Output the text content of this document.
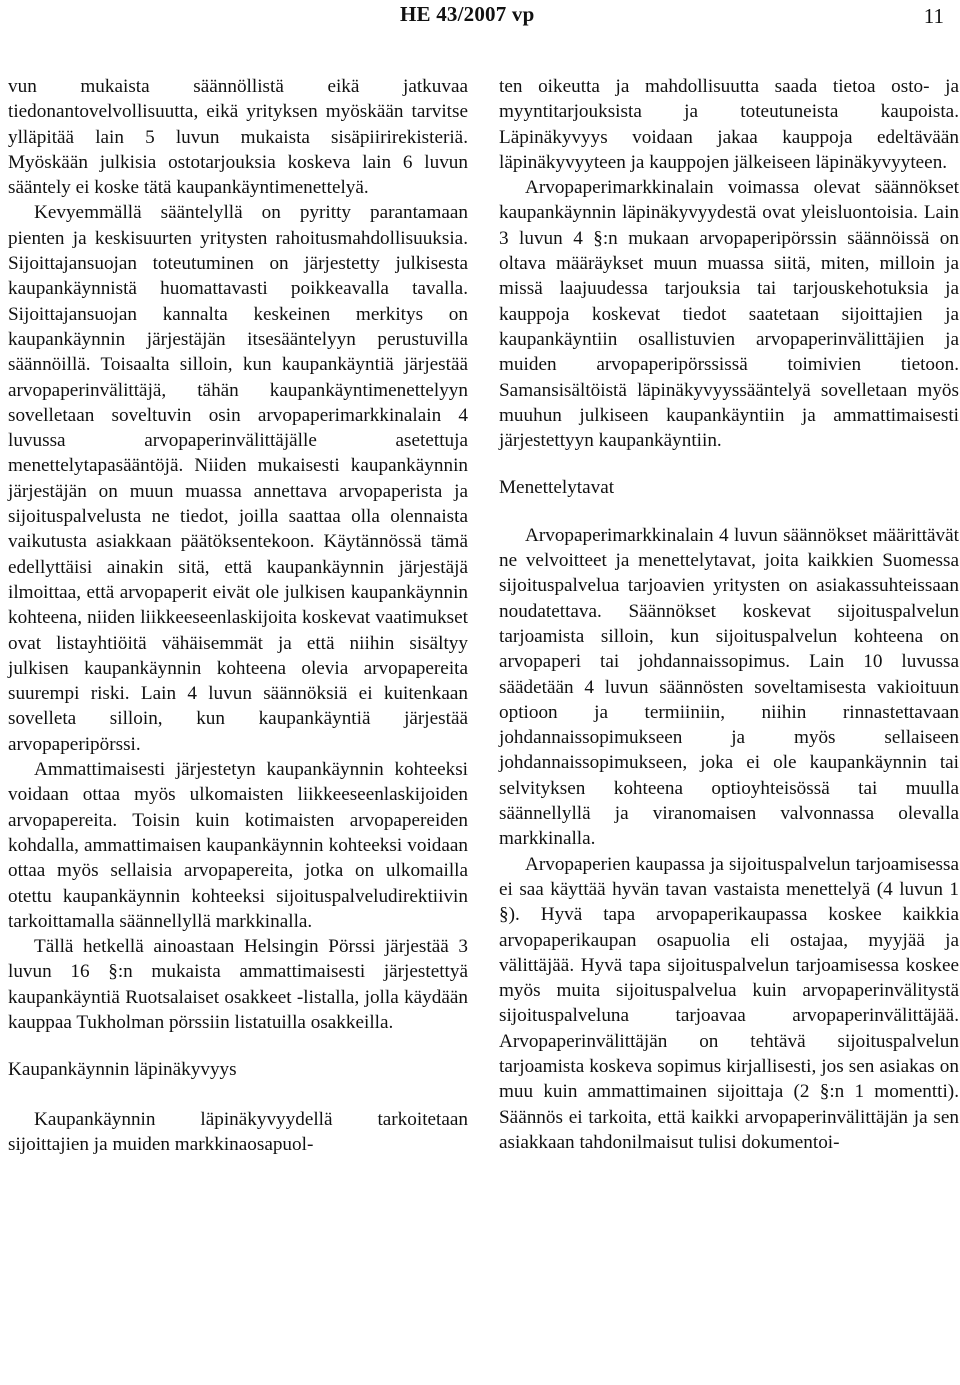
HE 43/2007 vp	11

vun mukaista säännöllistä eikä jatkuvaa tiedonantovelvollisuutta, eikä yrityksen myöskään tarvitse ylläpitää lain 5 luvun mukaista sisäpiirirekisteriä. Myöskään julkisia ostotarjouksia koskeva lain 6 luvun sääntely ei koske tätä kaupankäyntimenettelyä.

Kevyemmällä sääntelyllä on pyritty parantamaan pienten ja keskisuurten yritysten rahoitusmahdollisuuksia. Sijoittajansuojan toteutuminen on järjestetty julkisesta kaupankäynnistä huomattavasti poikkeavalla tavalla. Sijoittajansuojan kannalta keskeinen merkitys on kaupankäynnin järjestäjän itsesääntelyyn perustuvilla säännöillä. Toisaalta silloin, kun kaupankäyntiä järjestää arvopaperinvälittäjä, tähän kaupankäyntimenettelyyn sovelletaan soveltuvin osin arvopaperimarkkinalain 4 luvussa arvopaperinvälittäjälle asetettuja menettelytapasääntöjä. Niiden mukaisesti kaupankäynnin järjestäjän on muun muassa annettava arvopaperista ja sijoituspalvelusta ne tiedot, joilla saattaa olla olennaista vaikutusta asiakkaan päätöksentekoon. Käytännössä tämä edellyttäisi ainakin sitä, että kaupankäynnin järjestäjä ilmoittaa, että arvopaperit eivät ole julkisen kaupankäynnin kohteena, niiden liikkeeseenlaskijoita koskevat vaatimukset ovat listayhtiöitä vähäisemmät ja että niihin sisältyy julkisen kaupankäynnin kohteena olevia arvopapereita suurempi riski. Lain 4 luvun säännöksiä ei kuitenkaan sovelleta silloin, kun kaupankäyntiä järjestää arvopaperipörssi.

Ammattimaisesti järjestetyn kaupankäynnin kohteeksi voidaan ottaa myös ulkomaisten liikkeeseenlaskijoiden arvopapereita. Toisin kuin kotimaisten arvopapereiden kohdalla, ammattimaisen kaupankäynnin kohteeksi voidaan ottaa myös sellaisia arvopapereita, jotka on ulkomailla otettu kaupankäynnin kohteeksi sijoituspalveludirektiivin tarkoittamalla säännellyllä markkinalla.

Tällä hetkellä ainoastaan Helsingin Pörssi järjestää 3 luvun 16 §:n mukaista ammattimaisesti järjestettyä kaupankäyntiä Ruotsalaiset osakkeet -listalla, jolla käydään kauppaa Tukholman pörssiin listatuilla osakkeilla.

Kaupankäynnin läpinäkyvyys

Kaupankäynnin läpinäkyvyydellä tarkoitetaan sijoittajien ja muiden markkinaosapuol-

ten oikeutta ja mahdollisuutta saada tietoa osto- ja myyntitarjouksista ja toteutuneista kaupoista. Läpinäkyvyys voidaan jakaa kauppoja edeltävään läpinäkyvyyteen ja kauppojen jälkeiseen läpinäkyvyyteen.

Arvopaperimarkkinalain voimassa olevat säännökset kaupankäynnin läpinäkyvyydestä ovat yleisluontoisia. Lain 3 luvun 4 §:n mukaan arvopaperipörssin säännöissä on oltava määräykset muun muassa siitä, miten, milloin ja missä laajuudessa tarjouksia tai tarjouskehotuksia ja kauppoja koskevat tiedot saatetaan sijoittajien ja kaupankäyntiin osallistuvien arvopaperinvälittäjien ja muiden arvopaperipörssissä toimivien tietoon. Samansisältöistä läpinäkyvyyssääntelyä sovelletaan myös muuhun julkiseen kaupankäyntiin ja ammattimaisesti järjestettyyn kaupankäyntiin.

Menettelytavat

Arvopaperimarkkinalain 4 luvun säännökset määrittävät ne velvoitteet ja menettelytavat, joita kaikkien Suomessa sijoituspalvelua tarjoavien yritysten on asiakassuhteissaan noudatettava. Säännökset koskevat sijoituspalvelun tarjoamista silloin, kun sijoituspalvelun kohteena on arvopaperi tai johdannaissopimus. Lain 10 luvussa säädetään 4 luvun säännösten soveltamisesta vakioituun optioon ja termiiniin, niihin rinnastettavaan johdannaissopimukseen ja myös sellaiseen johdannaissopimukseen, joka ei ole kaupankäynnin tai selvityksen kohteena optioyhteisössä tai muulla säännellyllä ja viranomaisen valvonnassa olevalla markkinalla.

Arvopaperien kaupassa ja sijoituspalvelun tarjoamisessa ei saa käyttää hyvän tavan vastaista menettelyä (4 luvun 1 §). Hyvä tapa arvopaperikaupassa koskee kaikkia arvopaperikaupan osapuolia eli ostajaa, myyjää ja välittäjää. Hyvä tapa sijoituspalvelun tarjoamisessa koskee myös muita sijoituspalvelua kuin arvopaperinvälitystä sijoituspalveluna tarjoavaa arvopaperinvälittäjää. Arvopaperinvälittäjän on tehtävä sijoituspalvelun tarjoamista koskeva sopimus kirjallisesti, jos sen asiakas on muu kuin ammattimainen sijoittaja (2 §:n 1 momentti). Säännös ei tarkoita, että kaikki arvopaperinvälittäjän ja sen asiakkaan tahdonilmaisut tulisi dokumentoi-
